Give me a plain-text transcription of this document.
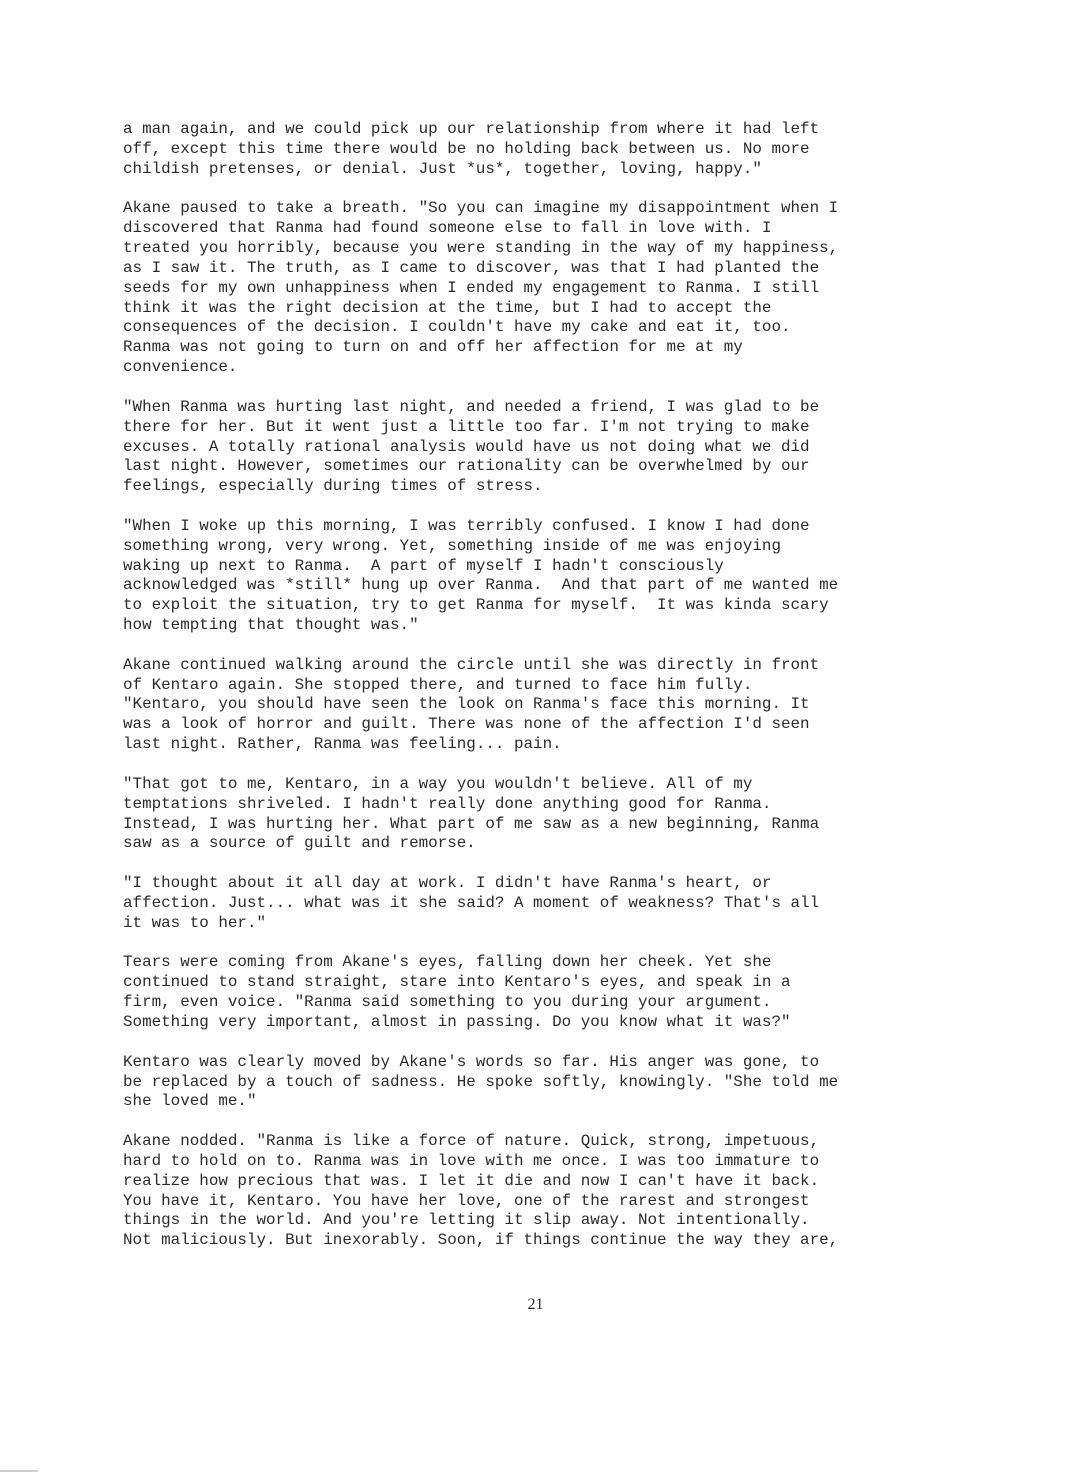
a man again, and we could pick up our relationship from where it had left
off, except this time there would be no holding back between us. No more
childish pretenses, or denial. Just *us*, together, loving, happy."

Akane paused to take a breath. "So you can imagine my disappointment when I
discovered that Ranma had found someone else to fall in love with. I
treated you horribly, because you were standing in the way of my happiness,
as I saw it. The truth, as I came to discover, was that I had planted the
seeds for my own unhappiness when I ended my engagement to Ranma. I still
think it was the right decision at the time, but I had to accept the
consequences of the decision. I couldn't have my cake and eat it, too.
Ranma was not going to turn on and off her affection for me at my
convenience.

"When Ranma was hurting last night, and needed a friend, I was glad to be
there for her. But it went just a little too far. I'm not trying to make
excuses. A totally rational analysis would have us not doing what we did
last night. However, sometimes our rationality can be overwhelmed by our
feelings, especially during times of stress.

"When I woke up this morning, I was terribly confused. I know I had done
something wrong, very wrong. Yet, something inside of me was enjoying
waking up next to Ranma.  A part of myself I hadn't consciously
acknowledged was *still* hung up over Ranma.  And that part of me wanted me
to exploit the situation, try to get Ranma for myself.  It was kinda scary
how tempting that thought was."

Akane continued walking around the circle until she was directly in front
of Kentaro again. She stopped there, and turned to face him fully.
"Kentaro, you should have seen the look on Ranma's face this morning. It
was a look of horror and guilt. There was none of the affection I'd seen
last night. Rather, Ranma was feeling... pain.

"That got to me, Kentaro, in a way you wouldn't believe. All of my
temptations shriveled. I hadn't really done anything good for Ranma.
Instead, I was hurting her. What part of me saw as a new beginning, Ranma
saw as a source of guilt and remorse.

"I thought about it all day at work. I didn't have Ranma's heart, or
affection. Just... what was it she said? A moment of weakness? That's all
it was to her."

Tears were coming from Akane's eyes, falling down her cheek. Yet she
continued to stand straight, stare into Kentaro's eyes, and speak in a
firm, even voice. "Ranma said something to you during your argument.
Something very important, almost in passing. Do you know what it was?"

Kentaro was clearly moved by Akane's words so far. His anger was gone, to
be replaced by a touch of sadness. He spoke softly, knowingly. "She told me
she loved me."

Akane nodded. "Ranma is like a force of nature. Quick, strong, impetuous,
hard to hold on to. Ranma was in love with me once. I was too immature to
realize how precious that was. I let it die and now I can't have it back.
You have it, Kentaro. You have her love, one of the rarest and strongest
things in the world. And you're letting it slip away. Not intentionally.
Not maliciously. But inexorably. Soon, if things continue the way they are,

21
